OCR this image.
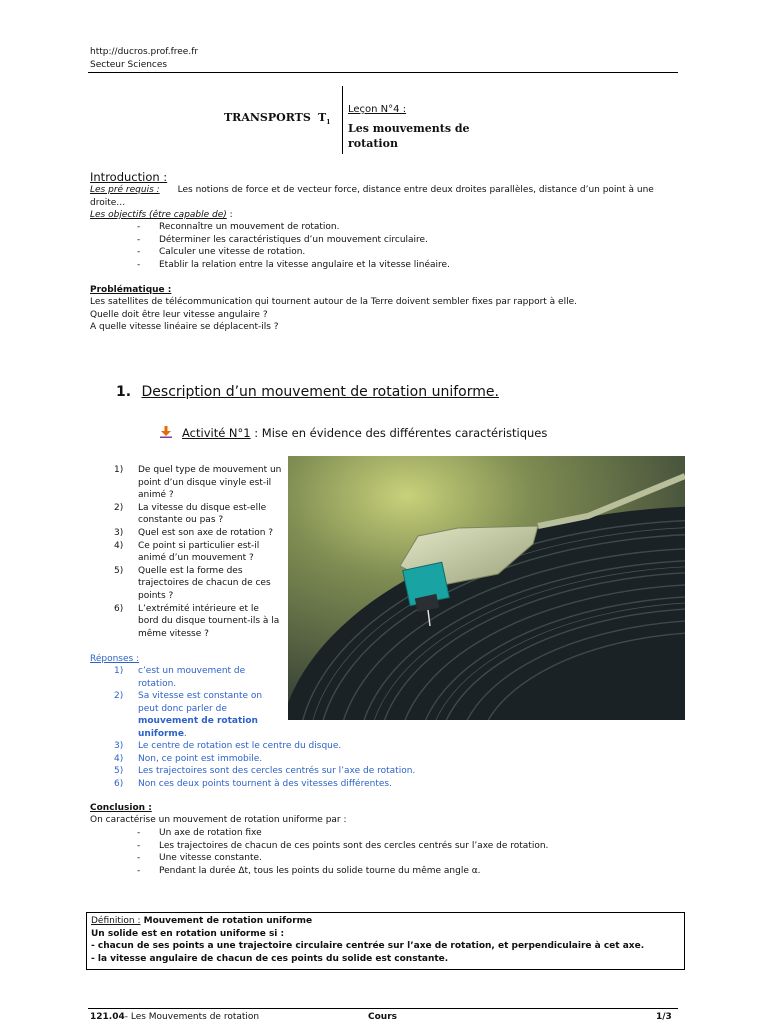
http://ducros.prof.free.fr
Secteur Sciences
TRANSPORTS $T_1$
Leçon N°4 :
Les mouvements de
rotation
Introduction :
Les pré requis : Les notions de force et de vecteur force, distance entre deux droites parallèles, distance d’un point à une
droite…
Les objectifs (être capable de) :
- Reconnaître un mouvement de rotation.
- Déterminer les caractéristiques d’un mouvement circulaire.
- Calculer une vitesse de rotation.
- Etablir la relation entre la vitesse angulaire et la vitesse linéaire.
Problématique :
Les satellites de télécommunication qui tournent autour de la Terre doivent sembler fixes par rapport à elle.
Quelle doit être leur vitesse angulaire ?
A quelle vitesse linéaire se déplacent-ils ?
1. Description d’un mouvement de rotation uniforme.
Activité N°1 : Mise en évidence des différentes caractéristiques
1) De quel type de mouvement un point d’un disque vinyle est-il animé ?
2) La vitesse du disque est-elle constante ou pas ?
3) Quel est son axe de rotation ?
4) Ce point si particulier est-il animé d’un mouvement ?
5) Quelle est la forme des trajectoires de chacun de ces points ?
6) L’extrémité intérieure et le bord du disque tournent-ils à la même vitesse ?
Réponses :
1) c’est un mouvement de rotation.
2) Sa vitesse est constante on peut donc parler de mouvement de rotation uniforme.
3) Le centre de rotation est le centre du disque.
4) Non, ce point est immobile.
5) Les trajectoires sont des cercles centrés sur l’axe de rotation.
6) Non ces deux points tournent à des vitesses différentes.
Conclusion :
On caractérise un mouvement de rotation uniforme par :
- Un axe de rotation fixe
- Les trajectoires de chacun de ces points sont des cercles centrés sur l’axe de rotation.
- Une vitesse constante.
- Pendant la durée Δt, tous les points du solide tourne du même angle α.
Définition : Mouvement de rotation uniforme
Un solide est en rotation uniforme si :
- chacun de ses points a une trajectoire circulaire centrée sur l’axe de rotation, et perpendiculaire à cet axe.
- la vitesse angulaire de chacun de ces points du solide est constante.
121.04- Les Mouvements de rotation	Cours	1/3
